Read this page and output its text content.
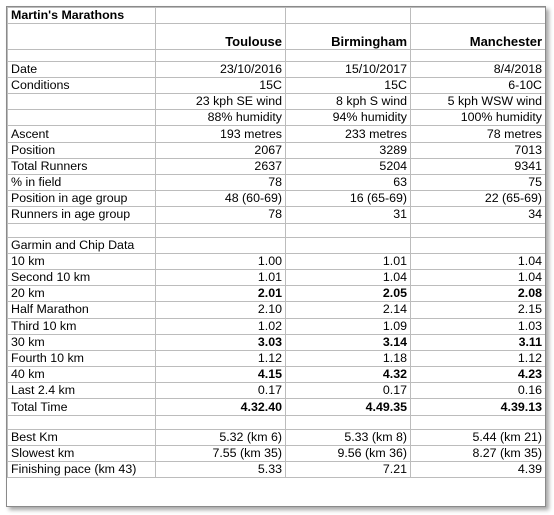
Martin's Marathons			
	Toulouse	Birmingham	Manchester

Date	23/10/2016	15/10/2017	8/4/2018
Conditions	15C	15C	6-10C
	23 kph SE wind	8 kph S wind	5 kph WSW wind
	88% humidity	94% humidity	100% humidity
Ascent	193 metres	233 metres	78 metres
Position	2067	3289	7013
Total Runners	2637	5204	9341
% in field	78	63	75
Position in age group	48 (60-69)	16 (65-69)	22 (65-69)
Runners in age group	78	31	34

Garmin and Chip Data			
10 km	1.00	1.01	1.04
Second 10 km	1.01	1.04	1.04
20 km	2.01	2.05	2.08
Half Marathon	2.10	2.14	2.15
Third 10 km	1.02	1.09	1.03
30 km	3.03	3.14	3.11
Fourth 10 km	1.12	1.18	1.12
40 km	4.15	4.32	4.23
Last 2.4 km	0.17	0.17	0.16
Total Time	4.32.40	4.49.35	4.39.13

Best Km	5.32 (km 6)	5.33 (km 8)	5.44 (km 21)
Slowest km	7.55 (km 35)	9.56 (km 36)	8.27 (km 35)
Finishing pace (km 43)	5.33	7.21	4.39
